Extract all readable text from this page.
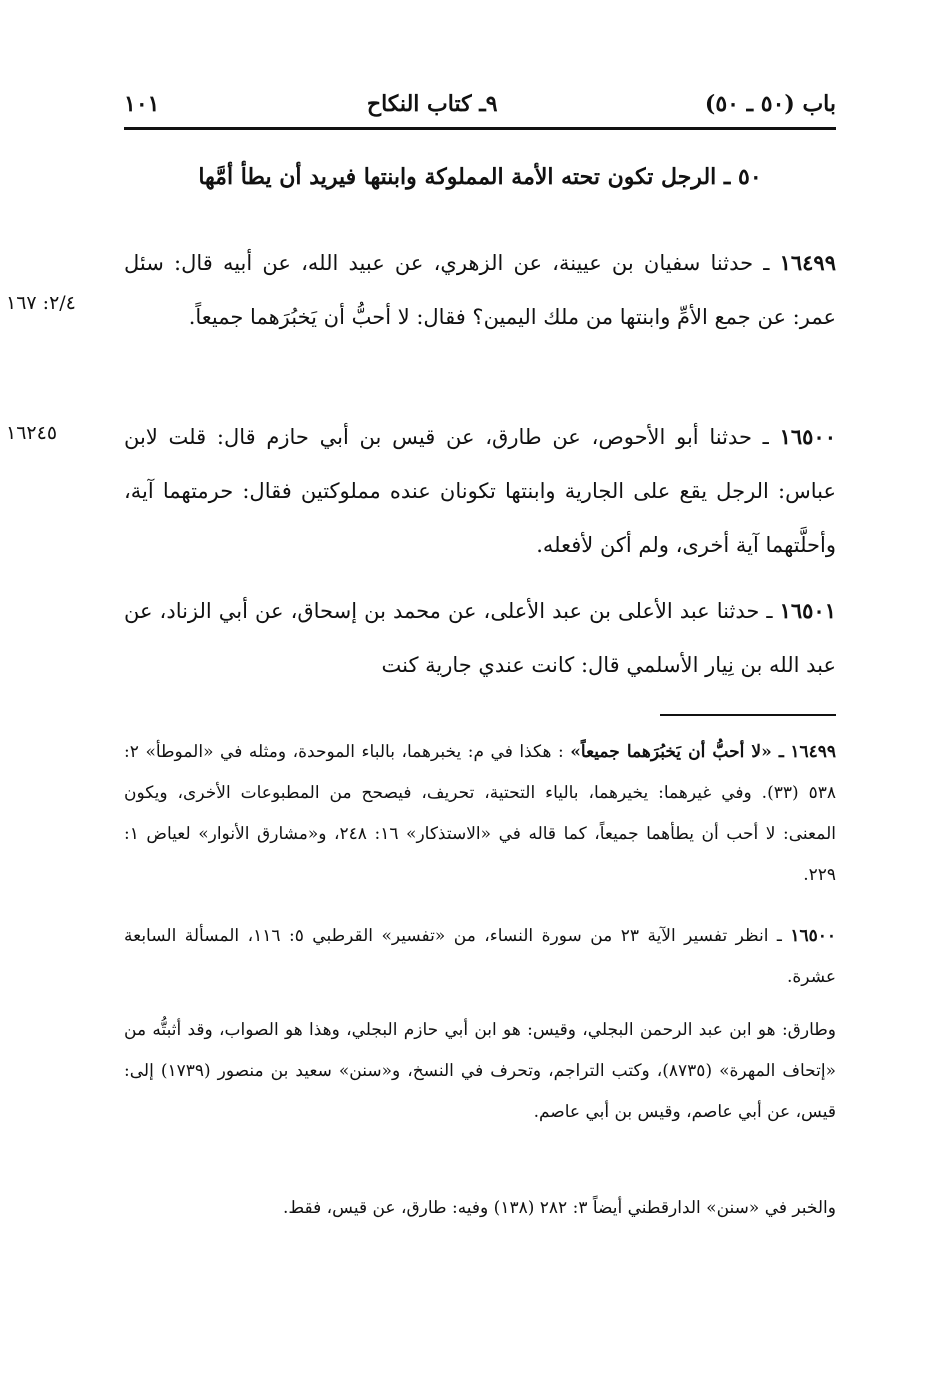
باب (٥٠ ـ ٥٠)
٩ـ كتاب النكاح
١٠١
٥٠ ـ الرجل تكون تحته الأمة المملوكة وابنتها فيريد أن يطأ أمَّها
١٦٤٩٩ ـ حدثنا سفيان بن عيينة، عن الزهري، عن عبيد الله، عن أبيه قال: سئل عمر: عن جمع الأمِّ وابنتها من ملك اليمين؟ فقال: لا أحبُّ أن يَخبُرَهما جميعاً.
٢/٤: ١٦٧
١٦٥٠٠ ـ حدثنا أبو الأحوص، عن طارق، عن قيس بن أبي حازم قال: قلت لابن عباس: الرجل يقع على الجارية وابنتها تكونان عنده مملوكتين فقال: حرمتهما آية، وأحلَّتهما آية أخرى، ولم أكن لأفعله.
١٦٢٤٥
١٦٥٠١ ـ حدثنا عبد الأعلى بن عبد الأعلى، عن محمد بن إسحاق، عن أبي الزناد، عن عبد الله بن نِيار الأسلمي قال: كانت عندي جارية كنت
١٦٤٩٩ ـ «لا أحبُّ أن يَخبُرَهما جميعاً» : هكذا في م: يخبرهما، بالباء الموحدة، ومثله في «الموطأ» ٢: ٥٣٨ (٣٣). وفي غيرهما: يخيرهما، بالياء التحتية، تحريف، فيصحح من المطبوعات الأخرى، ويكون المعنى: لا أحب أن يطأهما جميعاً، كما قاله في «الاستذكار» ١٦: ٢٤٨، و«مشارق الأنوار» لعياض ١: ٢٢٩.
١٦٥٠٠ ـ انظر تفسير الآية ٢٣ من سورة النساء، من «تفسير» القرطبي ٥: ١١٦، المسألة السابعة عشرة.
وطارق: هو ابن عبد الرحمن البجلي، وقيس: هو ابن أبي حازم البجلي، وهذا هو الصواب، وقد أثبتُّه من «إتحاف المهرة» (٨٧٣٥)، وكتب التراجم، وتحرف في النسخ، و«سنن» سعيد بن منصور (١٧٣٩) إلى: قيس، عن أبي عاصم، وقيس بن أبي عاصم.
والخبر في «سنن» الدارقطني أيضاً ٣: ٢٨٢ (١٣٨) وفيه: طارق، عن قيس، فقط.
